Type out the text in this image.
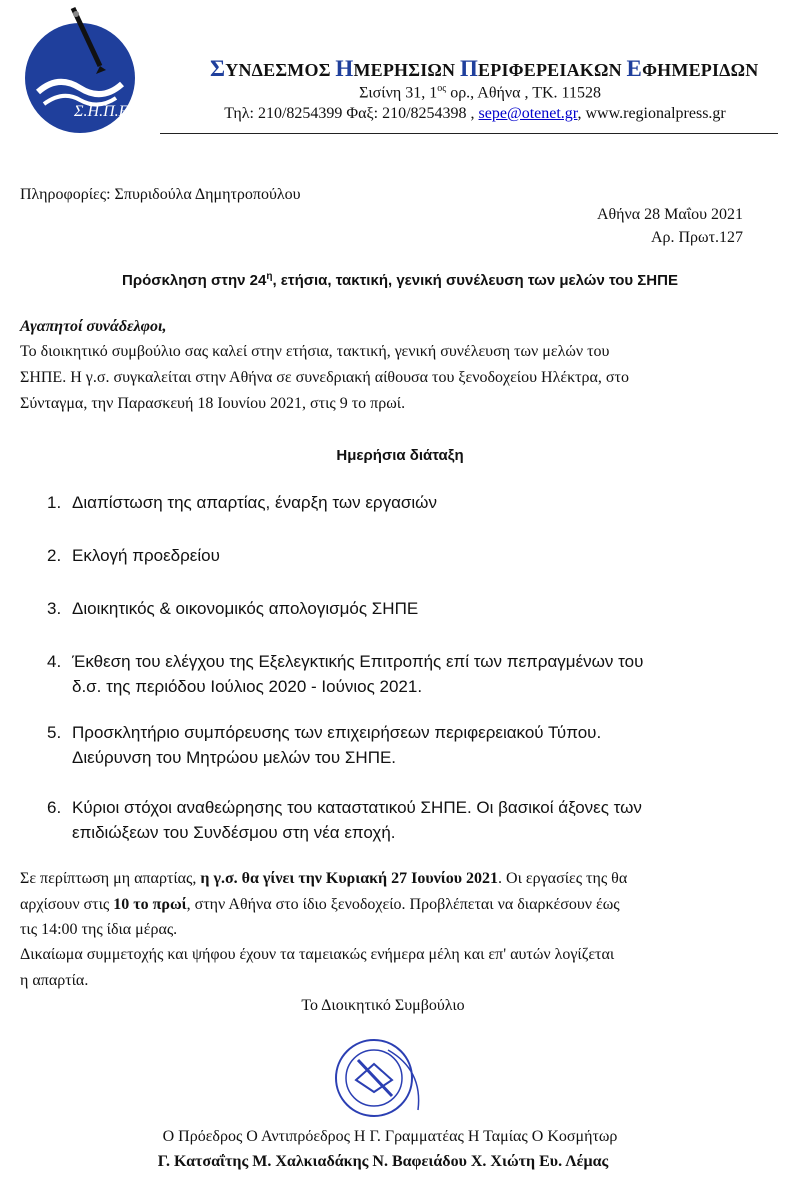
Σ.Η.Π.Ε
ΣΥΝΔΕΣΜΟΣ ΗΜΕΡΗΣΙΩΝ ΠΕΡΙΦΕΡΕΙΑΚΩΝ ΕΦΗΜΕΡΙΔΩΝ
Σισίνη 31, $1^{o\varsigma}$ ορ., Αθήνα , ΤΚ. 11528
Τηλ: 210/8254399 Φαξ: 210/8254398 , sepe@otenet.gr, www.regionalpress.gr
Πληροφορίες: Σπυριδούλα Δημητροπούλου
Αθήνα 28 Μαΐου 2021
Αρ. Πρωτ.127
Πρόσκληση στην $24^\eta$, ετήσια, τακτική, γενική συνέλευση των μελών του ΣΗΠΕ
Αγαπητοί συνάδελφοι,
Το διοικητικό συμβούλιο σας καλεί στην ετήσια, τακτική, γενική συνέλευση των μελών του
ΣΗΠΕ. Η γ.σ. συγκαλείται στην Αθήνα σε συνεδριακή αίθουσα του ξενοδοχείου Ηλέκτρα, στο
Σύνταγμα, την Παρασκευή 18 Ιουνίου 2021, στις 9 το πρωί.
Ημερήσια διάταξη
1. Διαπίστωση της απαρτίας, έναρξη των εργασιών
2. Εκλογή προεδρείου
3. Διοικητικός & οικονομικός απολογισμός ΣΗΠΕ
4. Έκθεση του ελέγχου της Εξελεγκτικής Επιτροπής επί των πεπραγμένων του
δ.σ. της περιόδου Ιούλιος 2020 - Ιούνιος 2021.
5. Προσκλητήριο συμπόρευσης των επιχειρήσεων περιφερειακού Τύπου.
Διεύρυνση του Μητρώου μελών του ΣΗΠΕ.
6. Κύριοι στόχοι αναθεώρησης του καταστατικού ΣΗΠΕ. Οι βασικοί άξονες των
επιδιώξεων του Συνδέσμου στη νέα εποχή.
Σε περίπτωση μη απαρτίας, η γ.σ. θα γίνει την Κυριακή 27 Ιουνίου 2021. Οι εργασίες της θα
αρχίσουν στις 10 το πρωί, στην Αθήνα στο ίδιο ξενοδοχείο. Προβλέπεται να διαρκέσουν έως
τις 14:00 της ίδια μέρας.
Δικαίωμα συμμετοχής και ψήφου έχουν τα ταμειακώς ενήμερα μέλη και επ' αυτών λογίζεται
η απαρτία.
Το Διοικητικό Συμβούλιο
Ο Πρόεδρος Ο Αντιπρόεδρος Η Γ. Γραμματέας Η Ταμίας Ο Κοσμήτωρ
Γ. Κατσαΐτης Μ. Χαλκιαδάκης Ν. Βαφειάδου Χ. Χιώτη Ευ. Λέμας
